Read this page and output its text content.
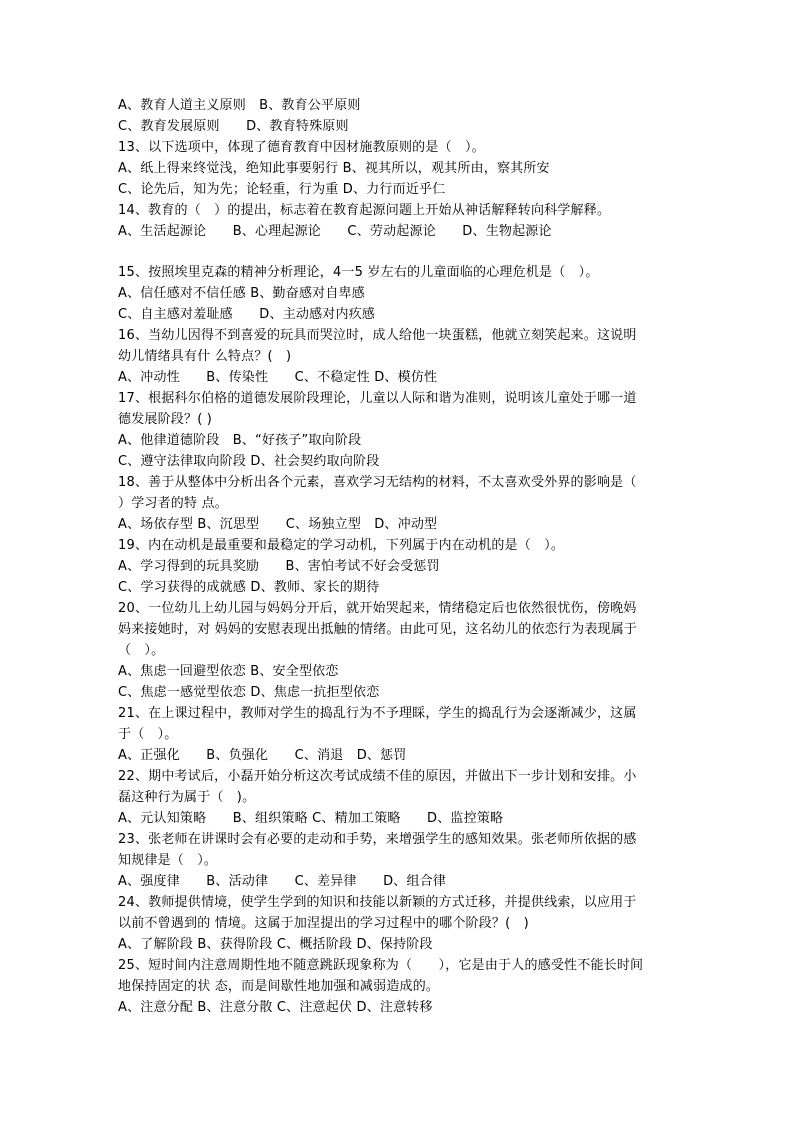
A、教育人道主义原则　B、教育公平原则
C、教育发展原则　　D、教育特殊原则
13、以下选项中，体现了德育教育中因材施教原则的是（　）。
A、纸上得来终觉浅，绝知此事要躬行 B、视其所以，观其所由，察其所安
C、论先后，知为先；论轻重，行为重 D、力行而近乎仁
14、教育的（　）的提出，标志着在教育起源问题上开始从神话解释转向科学解释。
A、生活起源论　　B、心理起源论　　C、劳动起源论　　D、生物起源论
15、按照埃里克森的精神分析理论，4一5 岁左右的儿童面临的心理危机是（　）。
A、信任感对不信任感 B、勤奋感对自卑感
C、自主感对羞耻感　　D、主动感对内疚感
16、当幼儿因得不到喜爱的玩具而哭泣时，成人给他一块蛋糕，他就立刻笑起来。这说明
幼儿情绪具有什 么特点？(　)
A、冲动性　　B、传染性　　C、不稳定性 D、模仿性
17、根据科尔伯格的道德发展阶段理论，儿童以人际和谐为准则，说明该儿童处于哪一道
德发展阶段？( )
A、他律道德阶段　B、“好孩子”取向阶段
C、遵守法律取向阶段 D、社会契约取向阶段
18、善于从整体中分析出各个元素，喜欢学习无结构的材料，不太喜欢受外界的影响是（
）学习者的特 点。
A、场依存型 B、沉思型　　C、场独立型　D、冲动型
19、内在动机是最重要和最稳定的学习动机，下列属于内在动机的是（　）。
A、学习得到的玩具奖励　　B、害怕考试不好会受惩罚
C、学习获得的成就感 D、教师、家长的期待
20、一位幼儿上幼儿园与妈妈分开后，就开始哭起来，情绪稳定后也依然很忧伤，傍晚妈
妈来接她时，对 妈妈的安慰表现出抵触的情绪。由此可见，这名幼儿的依恋行为表现属于
（　）。
A、焦虑一回避型依恋 B、安全型依恋
C、焦虑一感觉型依恋 D、焦虑一抗拒型依恋
21、在上课过程中，教师对学生的捣乱行为不予理睬，学生的捣乱行为会逐渐减少，这属
于（　）。
A、正强化　　B、负强化　　C、消退　D、惩罚
22、期中考试后，小磊开始分析这次考试成绩不佳的原因，并做出下一步计划和安排。小
磊这种行为属于（　)。
A、元认知策略　　B、组织策略 C、精加工策略　　D、监控策略
23、张老师在讲课时会有必要的走动和手势，来增强学生的感知效果。张老师所依据的感
知规律是（　）。
A、强度律　　B、活动律　　C、差异律　　D、组合律
24、教师提供情境，使学生学到的知识和技能以新颖的方式迁移，并提供线索，以应用于
以前不曾遇到的 情境。这属于加涅提出的学习过程中的哪个阶段？(　)
A、了解阶段 B、获得阶段 C、概括阶段 D、保持阶段
25、短时间内注意周期性地不随意跳跃现象称为（　　），它是由于人的感受性不能长时间
地保持固定的状 态，而是间歇性地加强和减弱造成的。
A、注意分配 B、注意分散 C、注意起伏 D、注意转移
